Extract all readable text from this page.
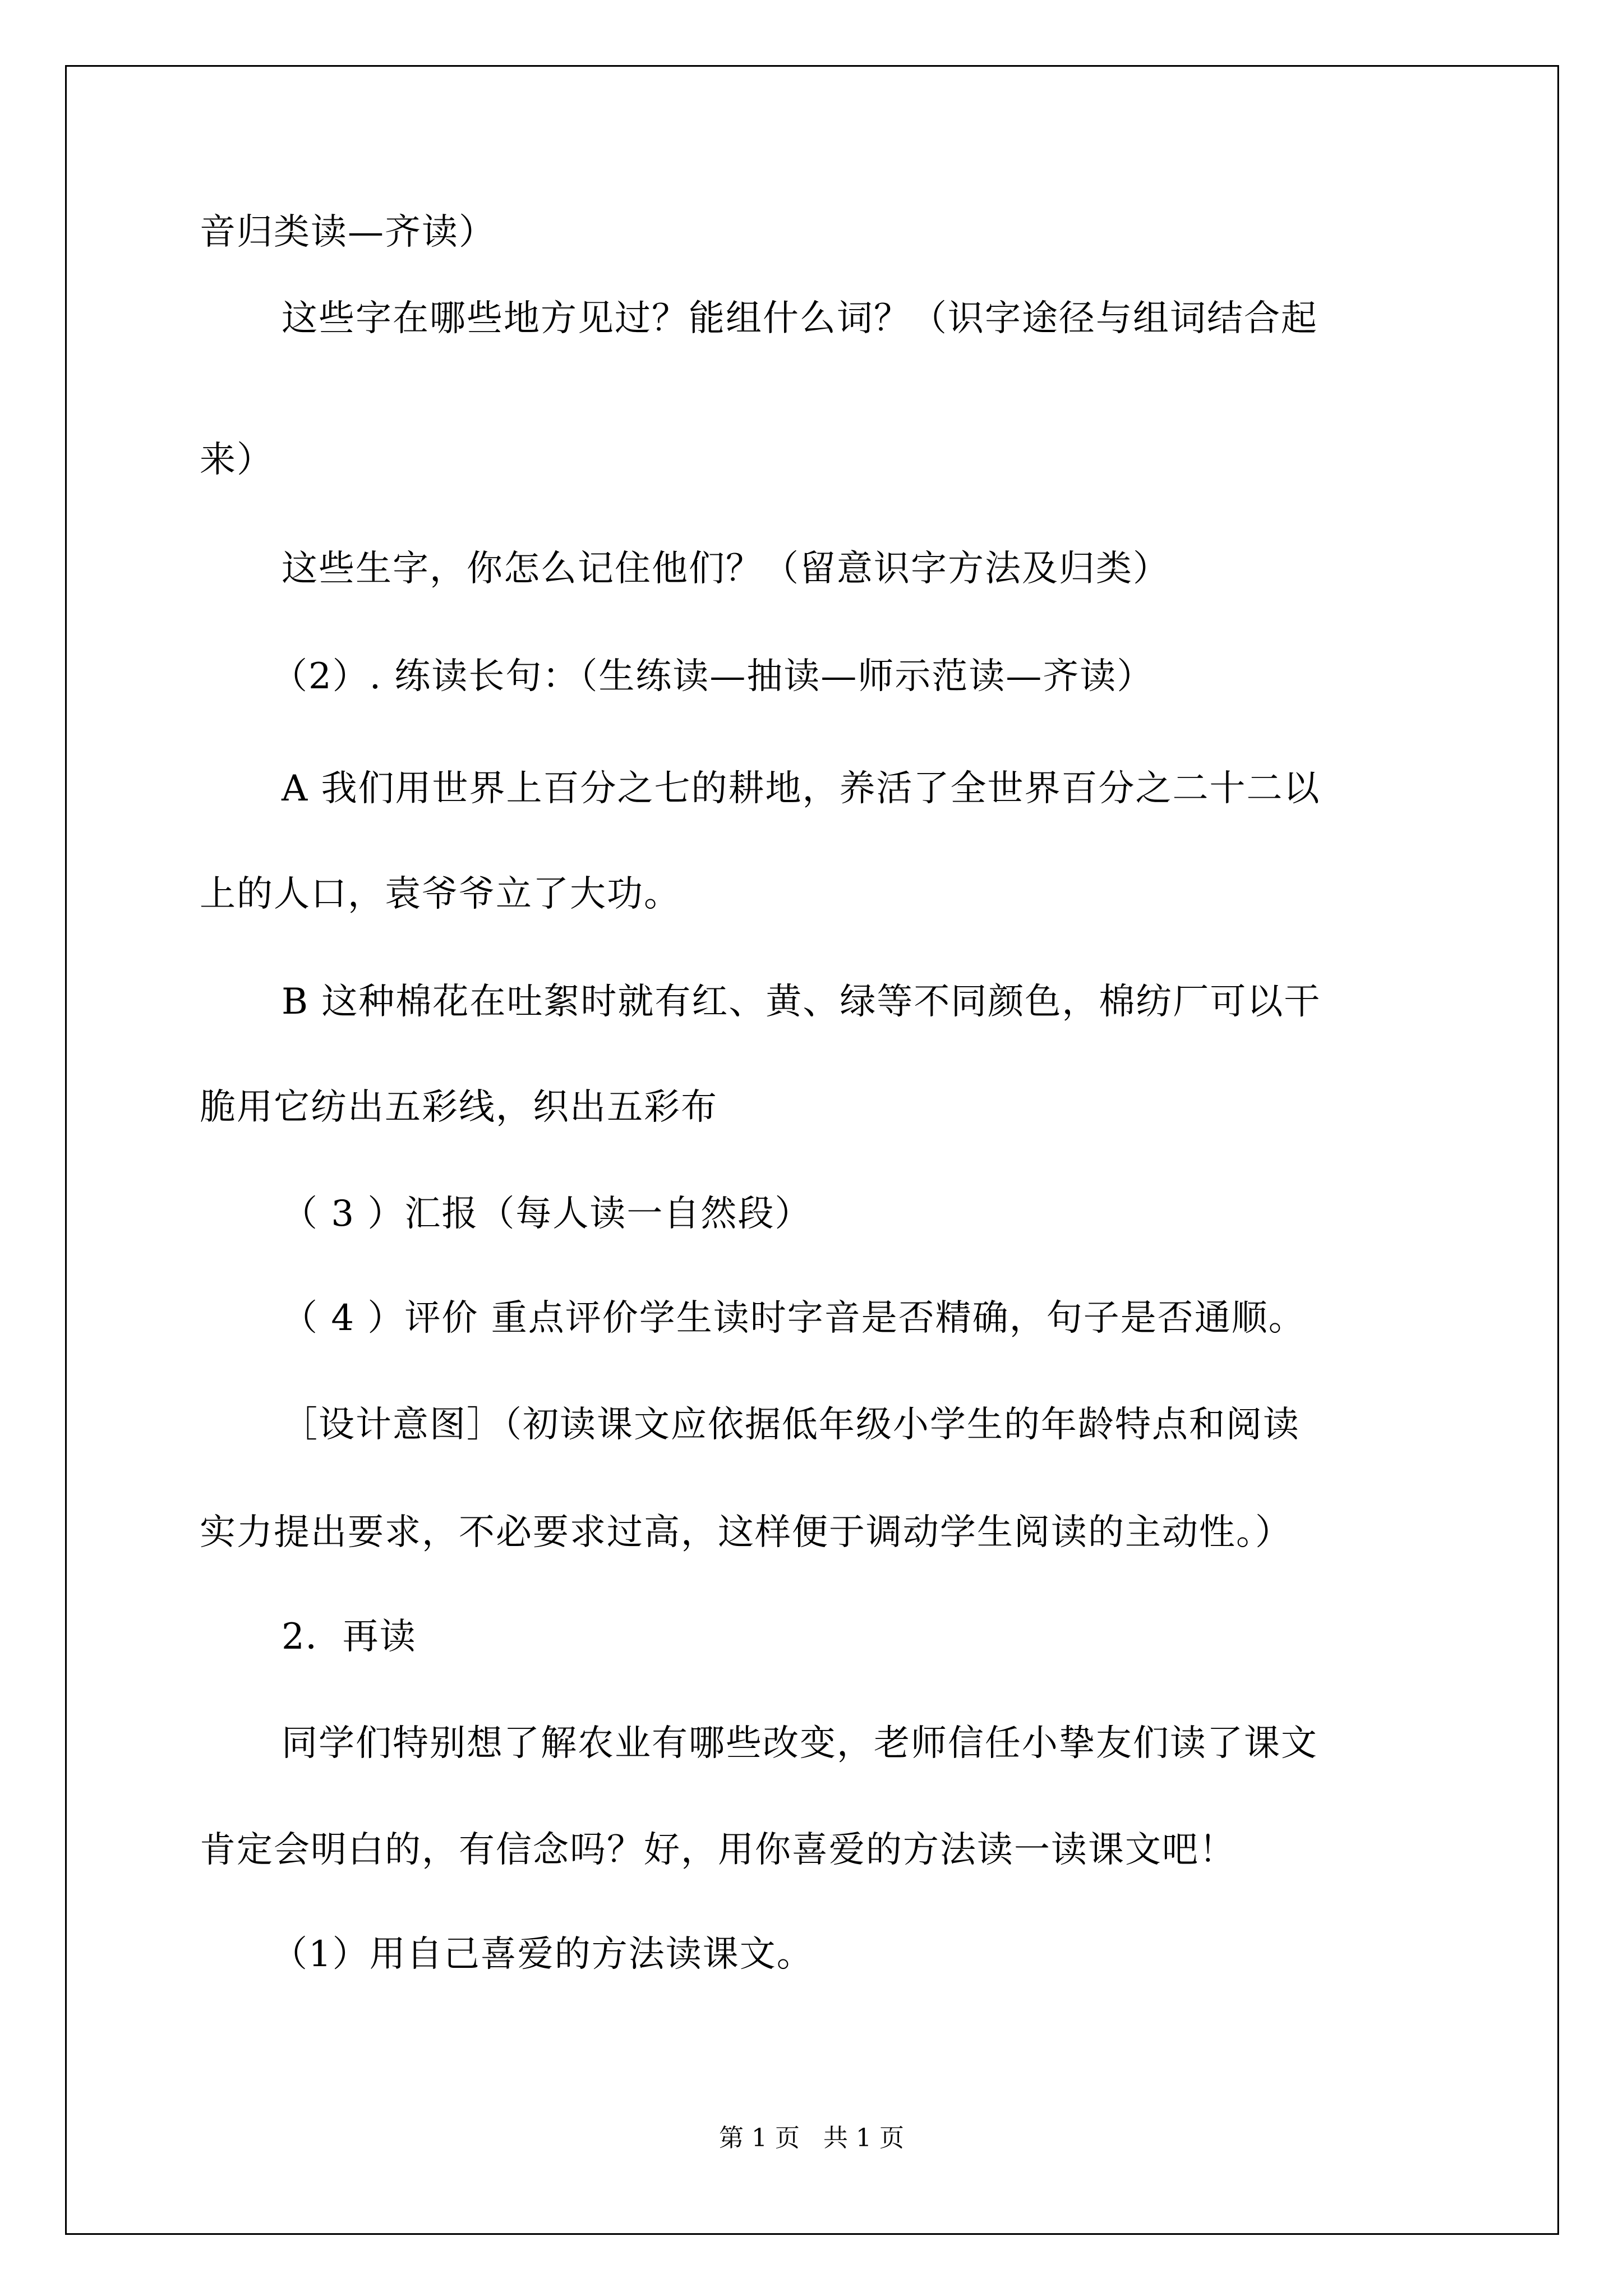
音归类读—齐读）
这些字在哪些地方见过？能组什么词？（识字途径与组词结合起
来）
这些生字，你怎么记住他们？（留意识字方法及归类）
（2）. 练读长句：（生练读—抽读—师示范读—齐读）
A 我们用世界上百分之七的耕地，养活了全世界百分之二十二以
上的人口，袁爷爷立了大功。
B 这种棉花在吐絮时就有红、黄、绿等不同颜色，棉纺厂可以干
脆用它纺出五彩线，织出五彩布
（ 3 ）汇报（每人读一自然段）
（ 4 ）评价 重点评价学生读时字音是否精确，句子是否通顺。
［设计意图］（初读课文应依据低年级小学生的年龄特点和阅读
实力提出要求，不必要求过高，这样便于调动学生阅读的主动性。）
2．再读
同学们特别想了解农业有哪些改变，老师信任小挚友们读了课文
肯定会明白的，有信念吗？好，用你喜爱的方法读一读课文吧！
（1）用自己喜爱的方法读课文。
第 1 页   共 1 页
